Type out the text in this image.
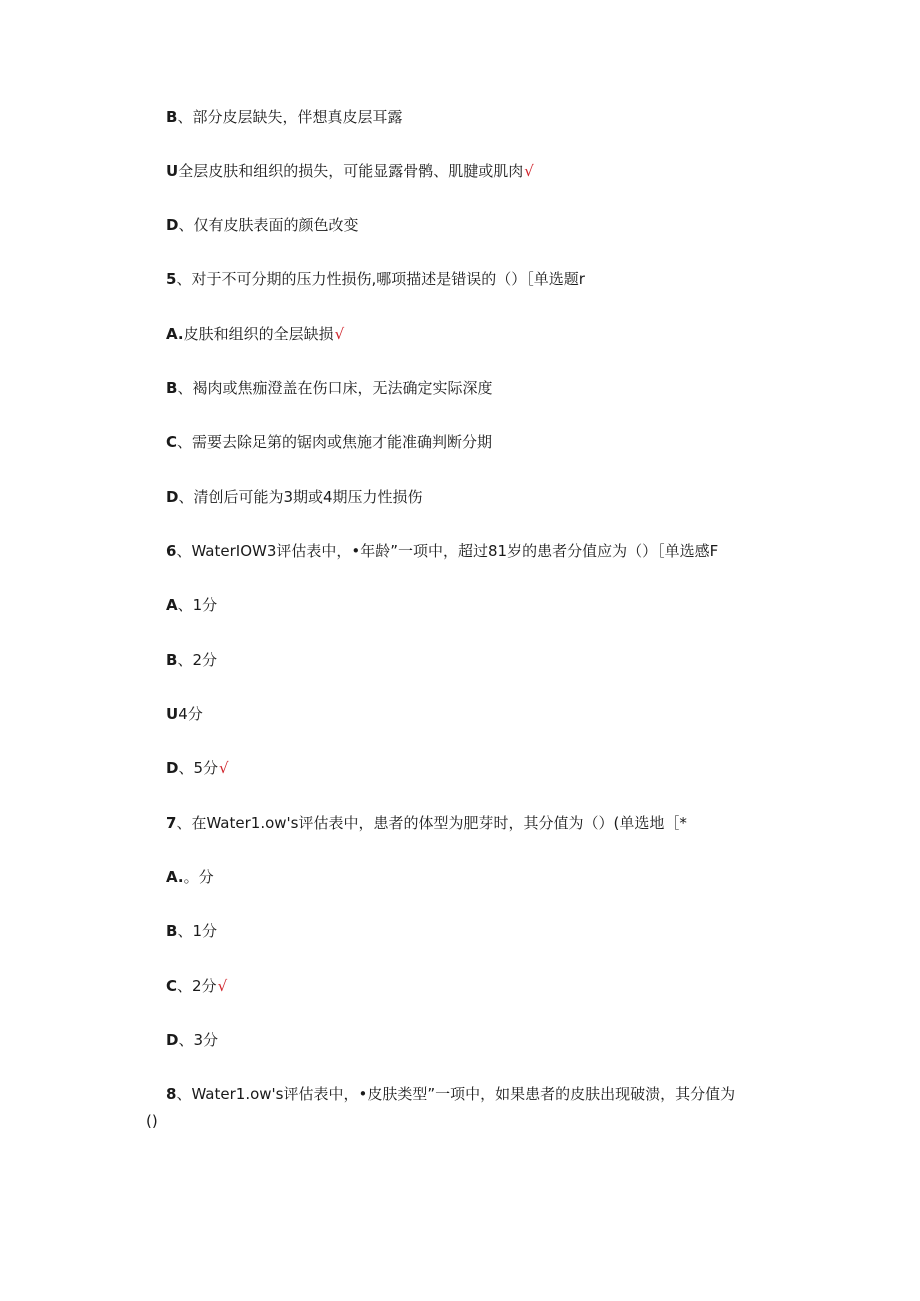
B、部分皮层缺失，伴想真皮层耳露
U全层皮肤和组织的损失，可能显露骨鹘、肌腱或肌肉√
D、仅有皮肤表面的颜色改变
5、对于不可分期的压力性损伤,哪项描述是错误的（）［单选题r
A.皮肤和组织的全层缺损√
B、褐肉或焦痂澄盖在伤口床，无法确定实际深度
C、需要去除足第的锯肉或焦施才能准确判断分期
D、清创后可能为3期或4期压力性损伤
6、WaterIOW3评估表中，•年龄”一项中，超过81岁的患者分值应为（）［单选感F
A、1分
B、2分
U4分
D、5分√
7、在Water1.ow's评估表中，患者的体型为肥芽时，其分值为（）(单选地［*
A.。分
B、1分
C、2分√
D、3分
8、Water1.ow's评估表中，•皮肤类型”一项中，如果患者的皮肤出现破溃，其分值为
()
